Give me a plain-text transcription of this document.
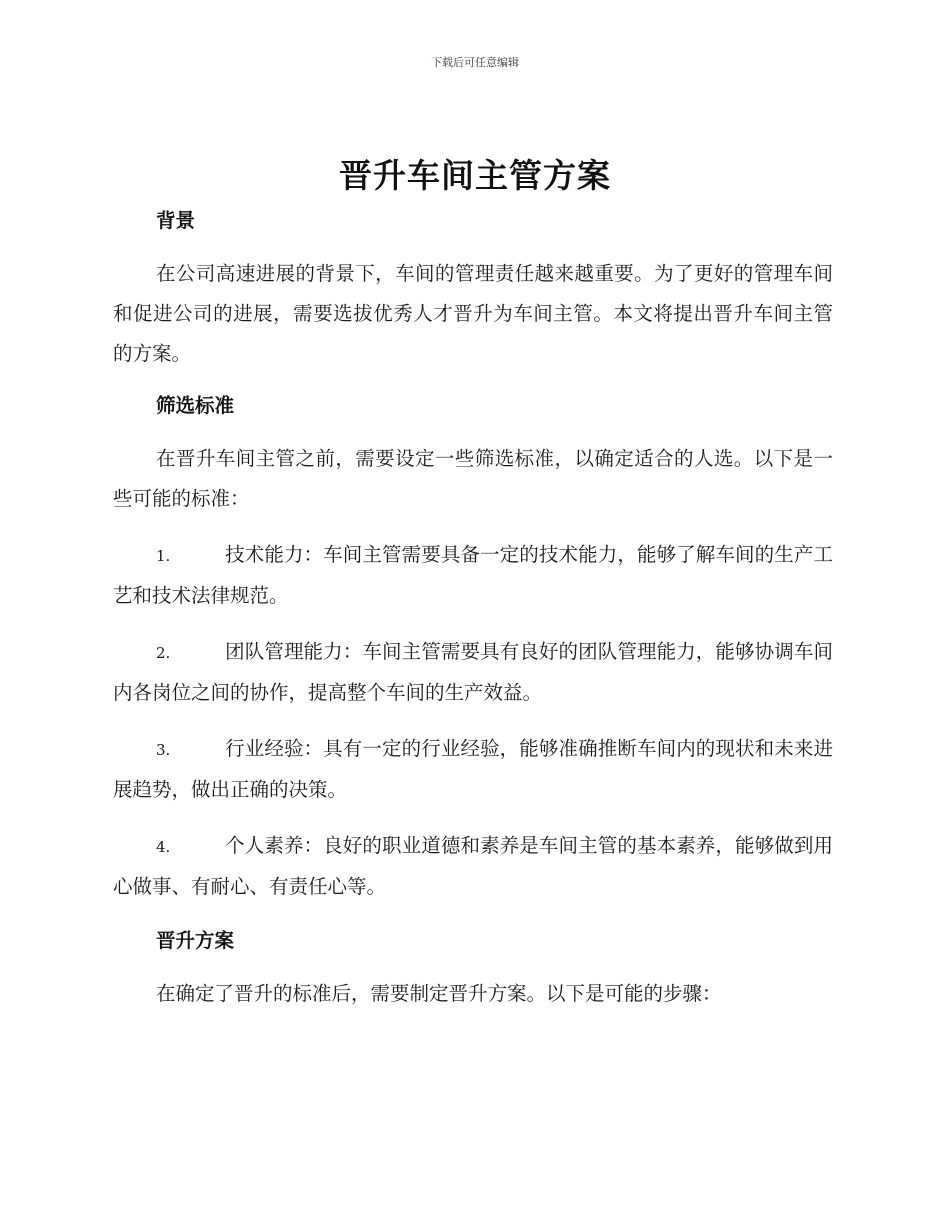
下载后可任意编辑
晋升车间主管方案
背景
在公司高速进展的背景下，车间的管理责任越来越重要。为了更好的管理车间和促进公司的进展，需要选拔优秀人才晋升为车间主管。本文将提出晋升车间主管的方案。
筛选标准
在晋升车间主管之前，需要设定一些筛选标准，以确定适合的人选。以下是一些可能的标准：
1.	技术能力：车间主管需要具备一定的技术能力，能够了解车间的生产工艺和技术法律规范。
2.	团队管理能力：车间主管需要具有良好的团队管理能力，能够协调车间内各岗位之间的协作，提高整个车间的生产效益。
3.	行业经验：具有一定的行业经验，能够准确推断车间内的现状和未来进展趋势，做出正确的决策。
4.	个人素养：良好的职业道德和素养是车间主管的基本素养，能够做到用心做事、有耐心、有责任心等。
晋升方案
在确定了晋升的标准后，需要制定晋升方案。以下是可能的步骤：
